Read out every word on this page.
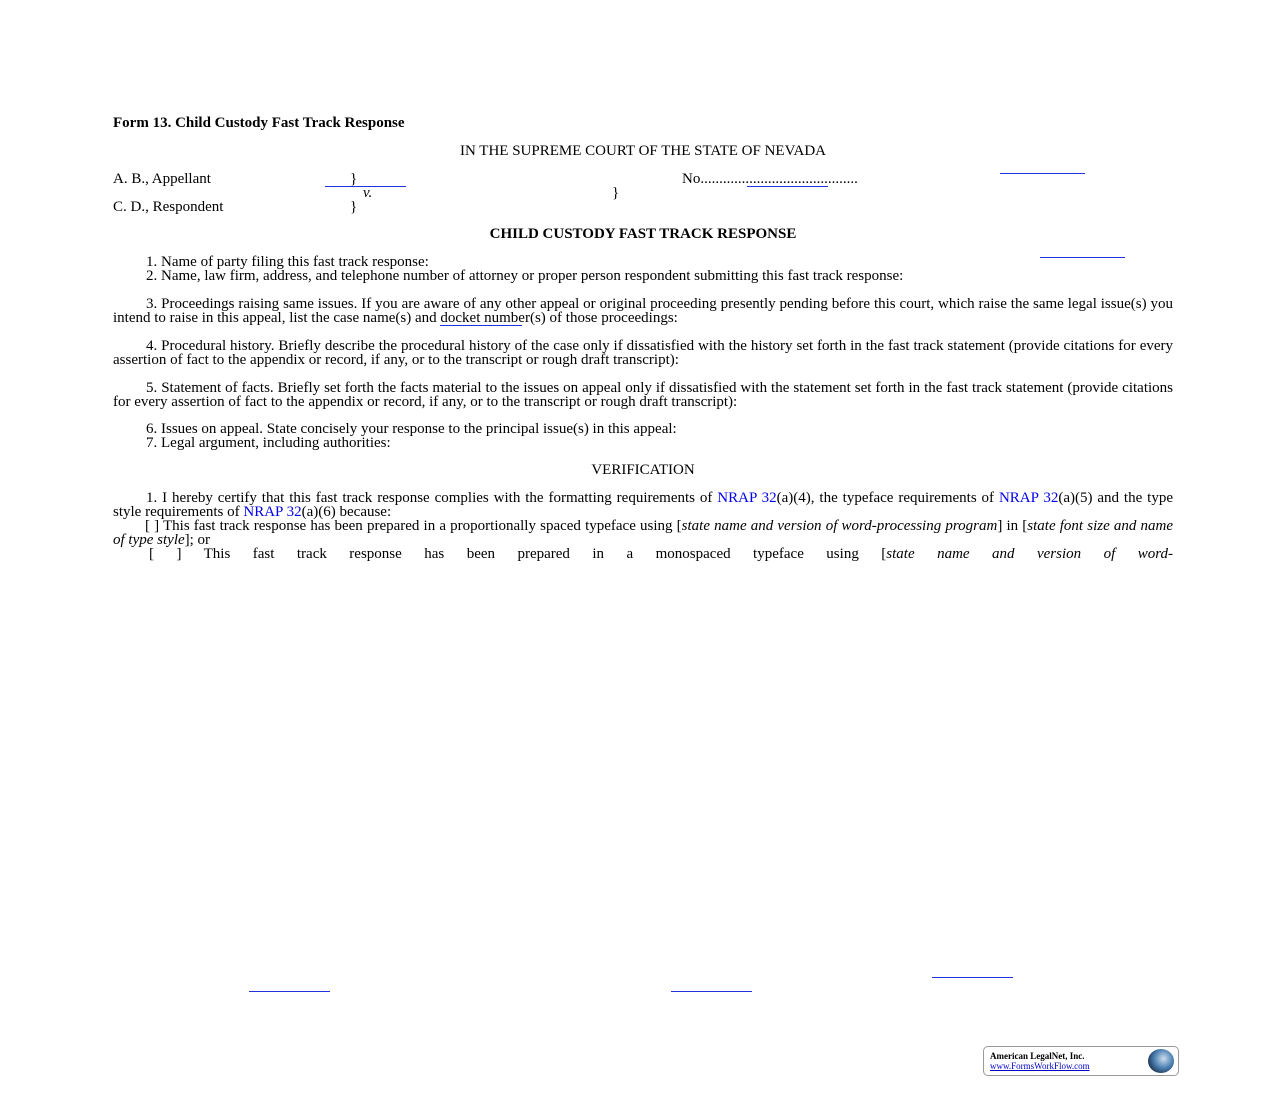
Form 13. Child Custody Fast Track Response
IN THE SUPREME COURT OF THE STATE OF NEVADA
A. B., Appellant	}
v.	}
C. D., Respondent	}
No..........................................
CHILD CUSTODY FAST TRACK RESPONSE
1. Name of party filing this fast track response:
2. Name, law firm, address, and telephone number of attorney or proper person respondent submitting this fast track response:
3. Proceedings raising same issues. If you are aware of any other appeal or original proceeding presently pending before this court, which raise the same legal issue(s) you intend to raise in this appeal, list the case name(s) and docket number(s) of those proceedings:
4. Procedural history. Briefly describe the procedural history of the case only if dissatisfied with the history set forth in the fast track statement (provide citations for every assertion of fact to the appendix or record, if any, or to the transcript or rough draft transcript):
5. Statement of facts. Briefly set forth the facts material to the issues on appeal only if dissatisfied with the statement set forth in the fast track statement (provide citations for every assertion of fact to the appendix or record, if any, or to the transcript or rough draft transcript):
6. Issues on appeal. State concisely your response to the principal issue(s) in this appeal:
7. Legal argument, including authorities:
VERIFICATION
1. I hereby certify that this fast track response complies with the formatting requirements of NRAP 32(a)(4), the typeface requirements of NRAP 32(a)(5) and the type style requirements of NRAP 32(a)(6) because:
[ ] This fast track response has been prepared in a proportionally spaced typeface using [state name and version of word-processing program] in [state font size and name of type style]; or
[ ] This fast track response has been prepared in a monospaced typeface using [state name and version of word-
American LegalNet, Inc.
www.FormsWorkFlow.com
